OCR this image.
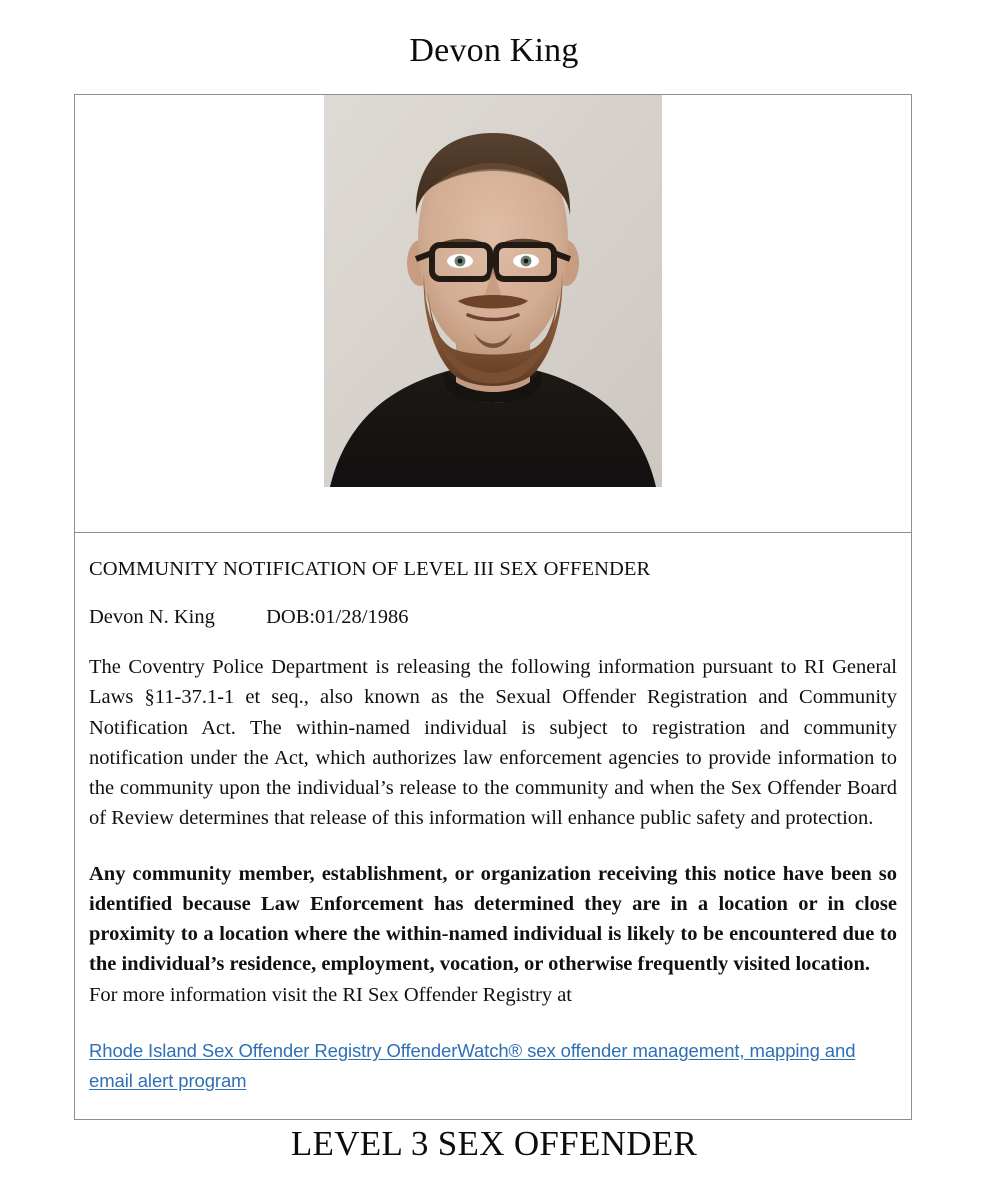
Devon King
COMMUNITY NOTIFICATION OF LEVEL III SEX OFFENDER
Devon N. King          DOB:01/28/1986

The Coventry Police Department is releasing the following information pursuant to RI General Laws §11-37.1-1 et seq., also known as the Sexual Offender Registration and Community Notification Act. The within-named individual is subject to registration and community notification under the Act, which authorizes law enforcement agencies to provide information to the community upon the individual’s release to the community and when the Sex Offender Board of Review determines that release of this information will enhance public safety and protection.

Any community member, establishment, or organization receiving this notice have been so identified because Law Enforcement has determined they are in a location or in close proximity to a location where the within-named individual is likely to be encountered due to the individual’s residence, employment, vocation, or otherwise frequently visited location.

For more information visit the RI Sex Offender Registry at
Rhode Island Sex Offender Registry OffenderWatch® sex offender management, mapping and email alert program
LEVEL 3 SEX OFFENDER
